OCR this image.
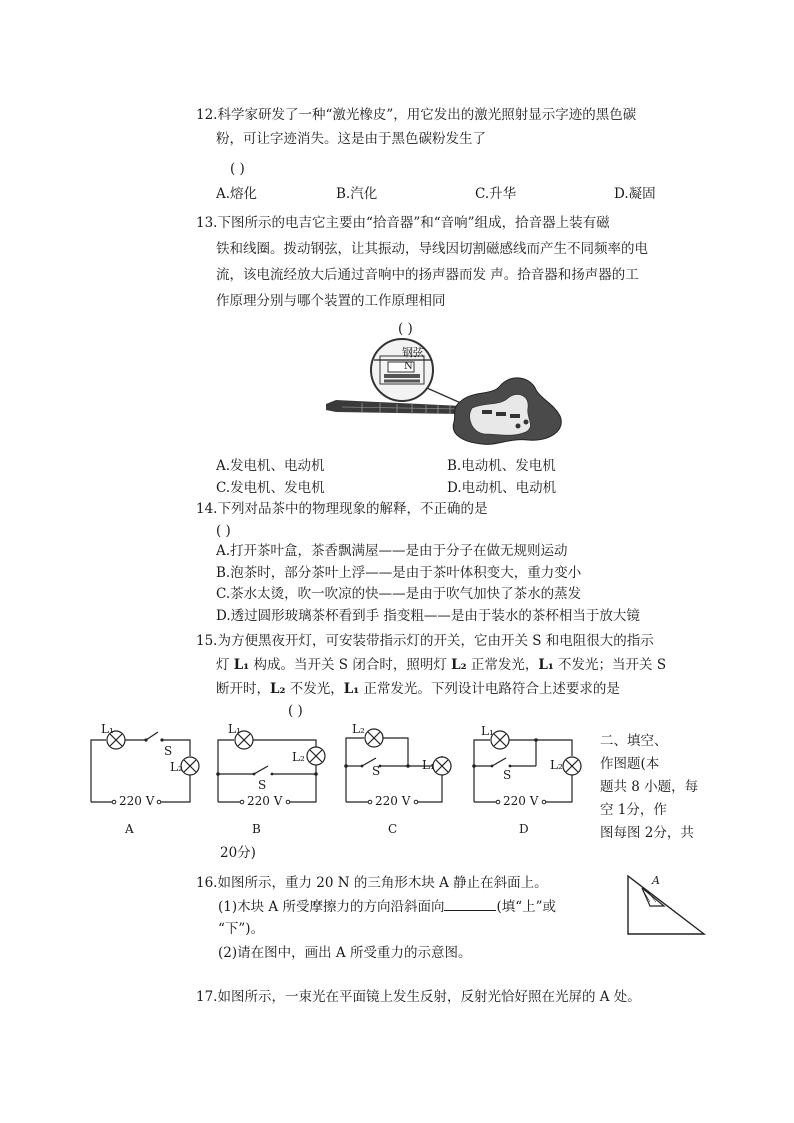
12.科学家研发了一种“激光橡皮”，用它发出的激光照射显示字迹的黑色碳
粉，可让字迹消失。这是由于黑色碳粉发生了
( )
A.熔化	B.汽化	C.升华	D.凝固
13.下图所示的电吉它主要由“拾音器”和“音响”组成，拾音器上装有磁
铁和线圈。拨动钢弦，让其振动，导线因切割磁感线而产生不同频率的电
流，该电流经放大后通过音响中的扬声器而发 声。拾音器和扬声器的工
作原理分别与哪个装置的工作原理相同
( )
钢弦
N
A.发电机、电动机	B.电动机、发电机
C.发电机、发电机	D.电动机、电动机
14.下列对品茶中的物理现象的解释，不正确的是
( )
A.打开茶叶盒，茶香飘满屋——是由于分子在做无规则运动
B.泡茶时，部分茶叶上浮——是由于茶叶体积变大，重力变小
C.茶水太烫，吹一吹凉的快——是由于吹气加快了茶水的蒸发
D.透过圆形玻璃茶杯看到手 指变粗——是由于装水的茶杯相当于放大镜
15.为方便黑夜开灯，可安装带指示灯的开关，它由开关 S 和电阻很大的指示
灯 L₁ 构成。当开关 S 闭合时，照明灯 L₂ 正常发光，L₁ 不发光；当开关 S
断开时，L₂ 不发光，L₁ 正常发光。下列设计电路符合上述要求的是
( )
L₁
S
L₂
220 V
A
L₁
L₂
S
220 V
B
L₂
S	L₁
220 V
C
L₁
S
L₂
220 V
D
二、填空、
作图题(本
题共 8 小题，每
空 1分，作
图每图 2分，共
20分)
16.如图所示，重力 20 N 的三角形木块 A 静止在斜面上。
(1)木块 A 所受摩擦力的方向沿斜面向	(填“上”或
“下”)。
(2)请在图中，画出 A 所受重力的示意图。
A
17.如图所示，一束光在平面镜上发生反射，反射光恰好照在光屏的 A 处。
